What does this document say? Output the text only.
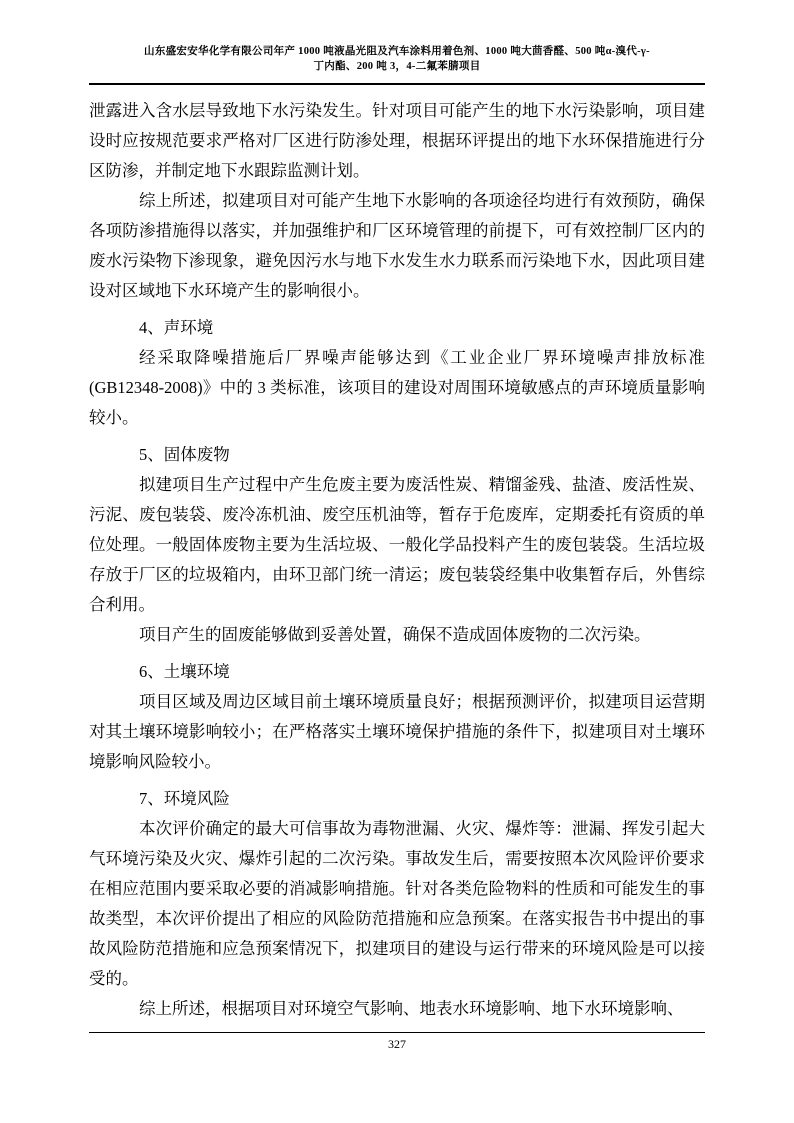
山东盛宏安华化学有限公司年产 1000 吨液晶光阻及汽车涂料用着色剂、1000 吨大茴香醛、500 吨α-溴代-γ-
丁内酯、200 吨 3，4-二氟苯腈项目

泄露进入含水层导致地下水污染发生。针对项目可能产生的地下水污染影响，项目建设时应按规范要求严格对厂区进行防渗处理，根据环评提出的地下水环保措施进行分区防渗，并制定地下水跟踪监测计划。

综上所述，拟建项目对可能产生地下水影响的各项途径均进行有效预防，确保各项防渗措施得以落实，并加强维护和厂区环境管理的前提下，可有效控制厂区内的废水污染物下渗现象，避免因污水与地下水发生水力联系而污染地下水，因此项目建设对区域地下水环境产生的影响很小。

4、声环境

经采取降噪措施后厂界噪声能够达到《工业企业厂界环境噪声排放标准(GB12348-2008)》中的 3 类标准，该项目的建设对周围环境敏感点的声环境质量影响较小。

5、固体废物

拟建项目生产过程中产生危废主要为废活性炭、精馏釜残、盐渣、废活性炭、污泥、废包装袋、废冷冻机油、废空压机油等，暂存于危废库，定期委托有资质的单位处理。一般固体废物主要为生活垃圾、一般化学品投料产生的废包装袋。生活垃圾存放于厂区的垃圾箱内，由环卫部门统一清运；废包装袋经集中收集暂存后，外售综合利用。

项目产生的固废能够做到妥善处置，确保不造成固体废物的二次污染。

6、土壤环境

项目区域及周边区域目前土壤环境质量良好；根据预测评价，拟建项目运营期对其土壤环境影响较小；在严格落实土壤环境保护措施的条件下，拟建项目对土壤环境影响风险较小。

7、环境风险

本次评价确定的最大可信事故为毒物泄漏、火灾、爆炸等：泄漏、挥发引起大气环境污染及火灾、爆炸引起的二次污染。事故发生后，需要按照本次风险评价要求在相应范围内要采取必要的消减影响措施。针对各类危险物料的性质和可能发生的事故类型，本次评价提出了相应的风险防范措施和应急预案。在落实报告书中提出的事故风险防范措施和应急预案情况下，拟建项目的建设与运行带来的环境风险是可以接受的。

综上所述，根据项目对环境空气影响、地表水环境影响、地下水环境影响、

327
